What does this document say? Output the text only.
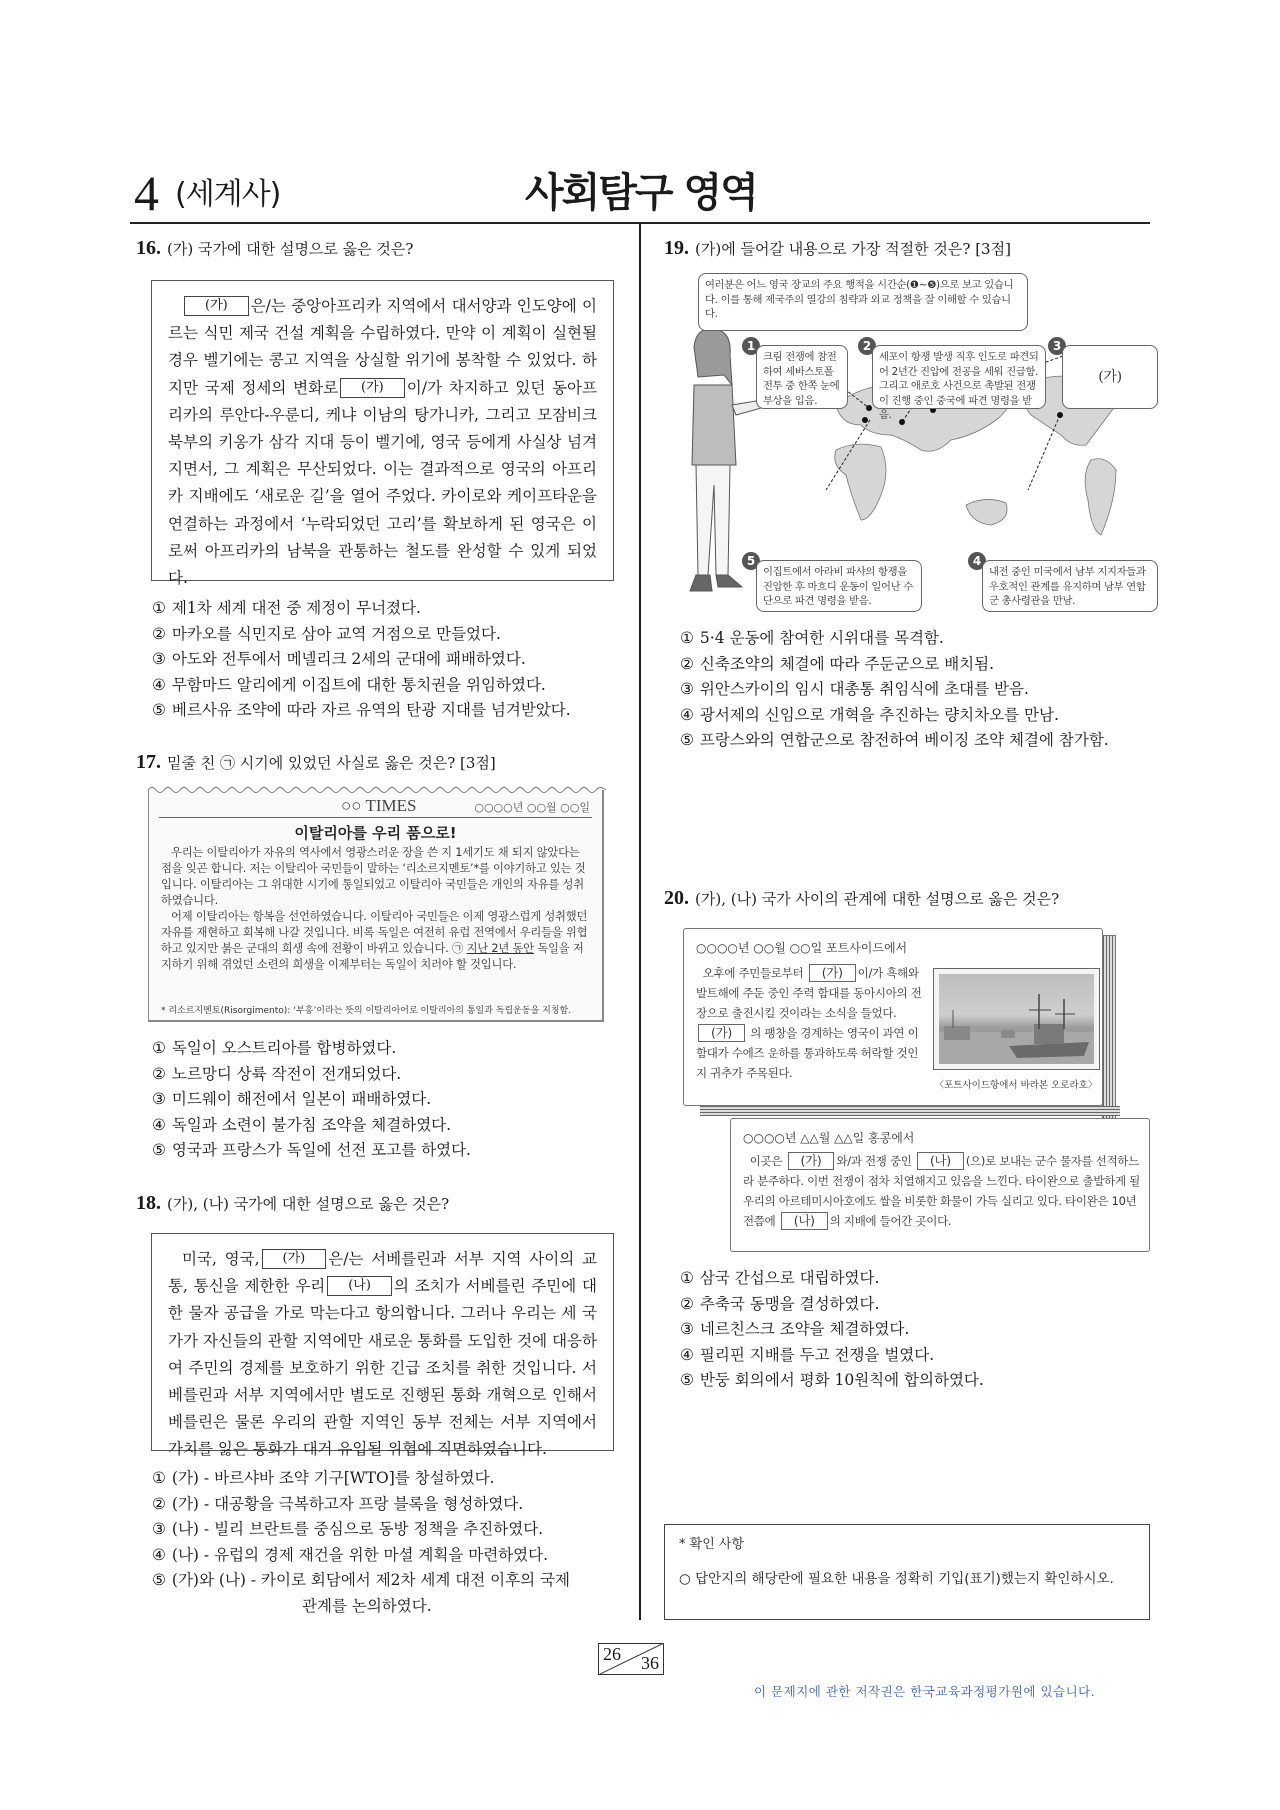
4 (세계사)	사회탐구 영역
16. (가) 국가에 대한 설명으로 옳은 것은?

(가) 은/는 중앙아프리카 지역에서 대서양과 인도양에 이르는 식민 제국 건설 계획을 수립하였다. 만약 이 계획이 실현될 경우 벨기에는 콩고 지역을 상실할 위기에 봉착할 수 있었다. 하지만 국제 정세의 변화로 (가) 이/가 차지하고 있던 동아프리카의 루안다-우룬디, 케냐 이남의 탕가니카, 그리고 모잠비크 북부의 키옹가 삼각 지대 등이 벨기에, 영국 등에게 사실상 넘겨지면서, 그 계획은 무산되었다. 이는 결과적으로 영국의 아프리카 지배에도 ‘새로운 길’을 열어 주었다. 카이로와 케이프타운을 연결하는 과정에서 ‘누락되었던 고리’를 확보하게 된 영국은 이로써 아프리카의 남북을 관통하는 철도를 완성할 수 있게 되었다.

① 제1차 세계 대전 중 제정이 무너졌다.
② 마카오를 식민지로 삼아 교역 거점으로 만들었다.
③ 아도와 전투에서 메넬리크 2세의 군대에 패배하였다.
④ 무함마드 알리에게 이집트에 대한 통치권을 위임하였다.
⑤ 베르사유 조약에 따라 자르 유역의 탄광 지대를 넘겨받았다.
17. 밑줄 친 ㉠ 시기에 있었던 사실로 옳은 것은? [3점]
○○ TIMES	○○○○년 ○○월 ○○일
이탈리아를 우리 품으로!

우리는 이탈리아가 자유의 역사에서 영광스러운 장을 쓴 지 1세기도 채 되지 않았다는 점을 잊곤 합니다. 저는 이탈리아 국민들이 말하는 ‘리소르지멘토’*를 이야기하고 있는 것입니다. 이탈리아는 그 위대한 시기에 통일되었고 이탈리아 국민들은 개인의 자유를 성취하였습니다.

어제 이탈리아는 항복을 선언하였습니다. 이탈리아 국민들은 이제 영광스럽게 성취했던 자유를 재현하고 회복해 나갈 것입니다. 비록 독일은 여전히 유럽 전역에서 우리들을 위협하고 있지만 붉은 군대의 희생 속에 전황이 바뀌고 있습니다. ㉠ 지난 2년 동안 독일을 저지하기 위해 겪었던 소련의 희생을 이제부터는 독일이 치러야 할 것입니다.

* 리소르지멘토(Risorgimento): ‘부흥’이라는 뜻의 이탈리아어로 이탈리아의 통일과 독립운동을 지칭함.
① 독일이 오스트리아를 합병하였다.
② 노르망디 상륙 작전이 전개되었다.
③ 미드웨이 해전에서 일본이 패배하였다.
④ 독일과 소련이 불가침 조약을 체결하였다.
⑤ 영국과 프랑스가 독일에 선전 포고를 하였다.
18. (가), (나) 국가에 대한 설명으로 옳은 것은?

미국, 영국, (가) 은/는 서베를린과 서부 지역 사이의 교통, 통신을 제한한 우리 (나) 의 조치가 서베를린 주민에 대한 물자 공급을 가로 막는다고 항의합니다. 그러나 우리는 세 국가가 자신들의 관할 지역에만 새로운 통화를 도입한 것에 대응하여 주민의 경제를 보호하기 위한 긴급 조치를 취한 것입니다. 서베를린과 서부 지역에서만 별도로 진행된 통화 개혁으로 인해서 베를린은 물론 우리의 관할 지역인 동부 전체는 서부 지역에서 가치를 잃은 통화가 대거 유입될 위협에 직면하였습니다.

① (가) - 바르샤바 조약 기구[WTO]를 창설하였다.
② (가) - 대공황을 극복하고자 프랑 블록을 형성하였다.
③ (나) - 빌리 브란트를 중심으로 동방 정책을 추진하였다.
④ (나) - 유럽의 경제 재건을 위한 마셜 계획을 마련하였다.
⑤ (가)와 (나) - 카이로 회담에서 제2차 세계 대전 이후의 국제
관계를 논의하였다.
19. (가)에 들어갈 내용으로 가장 적절한 것은? [3점]
여러분은 어느 영국 장교의 주요 행적을 시간순(❶~❺)으로 보고 있습니다. 이를 통해 제국주의 열강의 침략과 외교 정책을 잘 이해할 수 있습니다.
1
크림 전쟁에 참전하여 세바스토폴 전투 중 한쪽 눈에 부상을 입음.
2
세포이 항쟁 발생 직후 인도로 파견되어 2년간 진압에 전공을 세워 진급함. 그리고 애로호 사건으로 촉발된 전쟁이 진행 중인 중국에 파견 명령을 받음.
3
(가)
5
이집트에서 아라비 파샤의 항쟁을 진압한 후 마흐디 운동이 일어난 수단으로 파견 명령을 받음.
4
내전 중인 미국에서 남부 지지자들과 우호적인 관계를 유지하며 남부 연합군 총사령관을 만남.
① 5·4 운동에 참여한 시위대를 목격함.
② 신축조약의 체결에 따라 주둔군으로 배치됨.
③ 위안스카이의 임시 대총통 취임식에 초대를 받음.
④ 광서제의 신임으로 개혁을 추진하는 량치차오를 만남.
⑤ 프랑스와의 연합군으로 참전하여 베이징 조약 체결에 참가함.
20. (가), (나) 국가 사이의 관계에 대한 설명으로 옳은 것은?
○○○○년 ○○월 ○○일 포트사이드에서
오후에 주민들로부터 (가) 이/가 흑해와 발트해에 주둔 중인 주력 함대를 동아시아의 전장으로 출진시킬 것이라는 소식을 들었다. (가) 의 팽창을 경계하는 영국이 과연 이 함대가 수에즈 운하를 통과하도록 허락할 것인지 귀추가 주목된다.
〈포트사이드항에서 바라본 오로라호〉
○○○○년 △△월 △△일 홍콩에서
이곳은 (가) 와/과 전쟁 중인 (나) (으)로 보내는 군수 물자를 선적하느라 분주하다. 이번 전쟁이 점차 치열해지고 있음을 느낀다. 타이완으로 출발하게 될 우리의 아르테미시아호에도 쌀을 비롯한 화물이 가득 실리고 있다. 타이완은 10년 전쯤에 (나) 의 지배에 들어간 곳이다.
① 삼국 간섭으로 대립하였다.
② 추축국 동맹을 결성하였다.
③ 네르친스크 조약을 체결하였다.
④ 필리핀 지배를 두고 전쟁을 벌였다.
⑤ 반둥 회의에서 평화 10원칙에 합의하였다.
* 확인 사항
○ 답안지의 해당란에 필요한 내용을 정확히 기입(표기)했는지 확인하시오.
26 36
이 문제지에 관한 저작권은 한국교육과정평가원에 있습니다.
